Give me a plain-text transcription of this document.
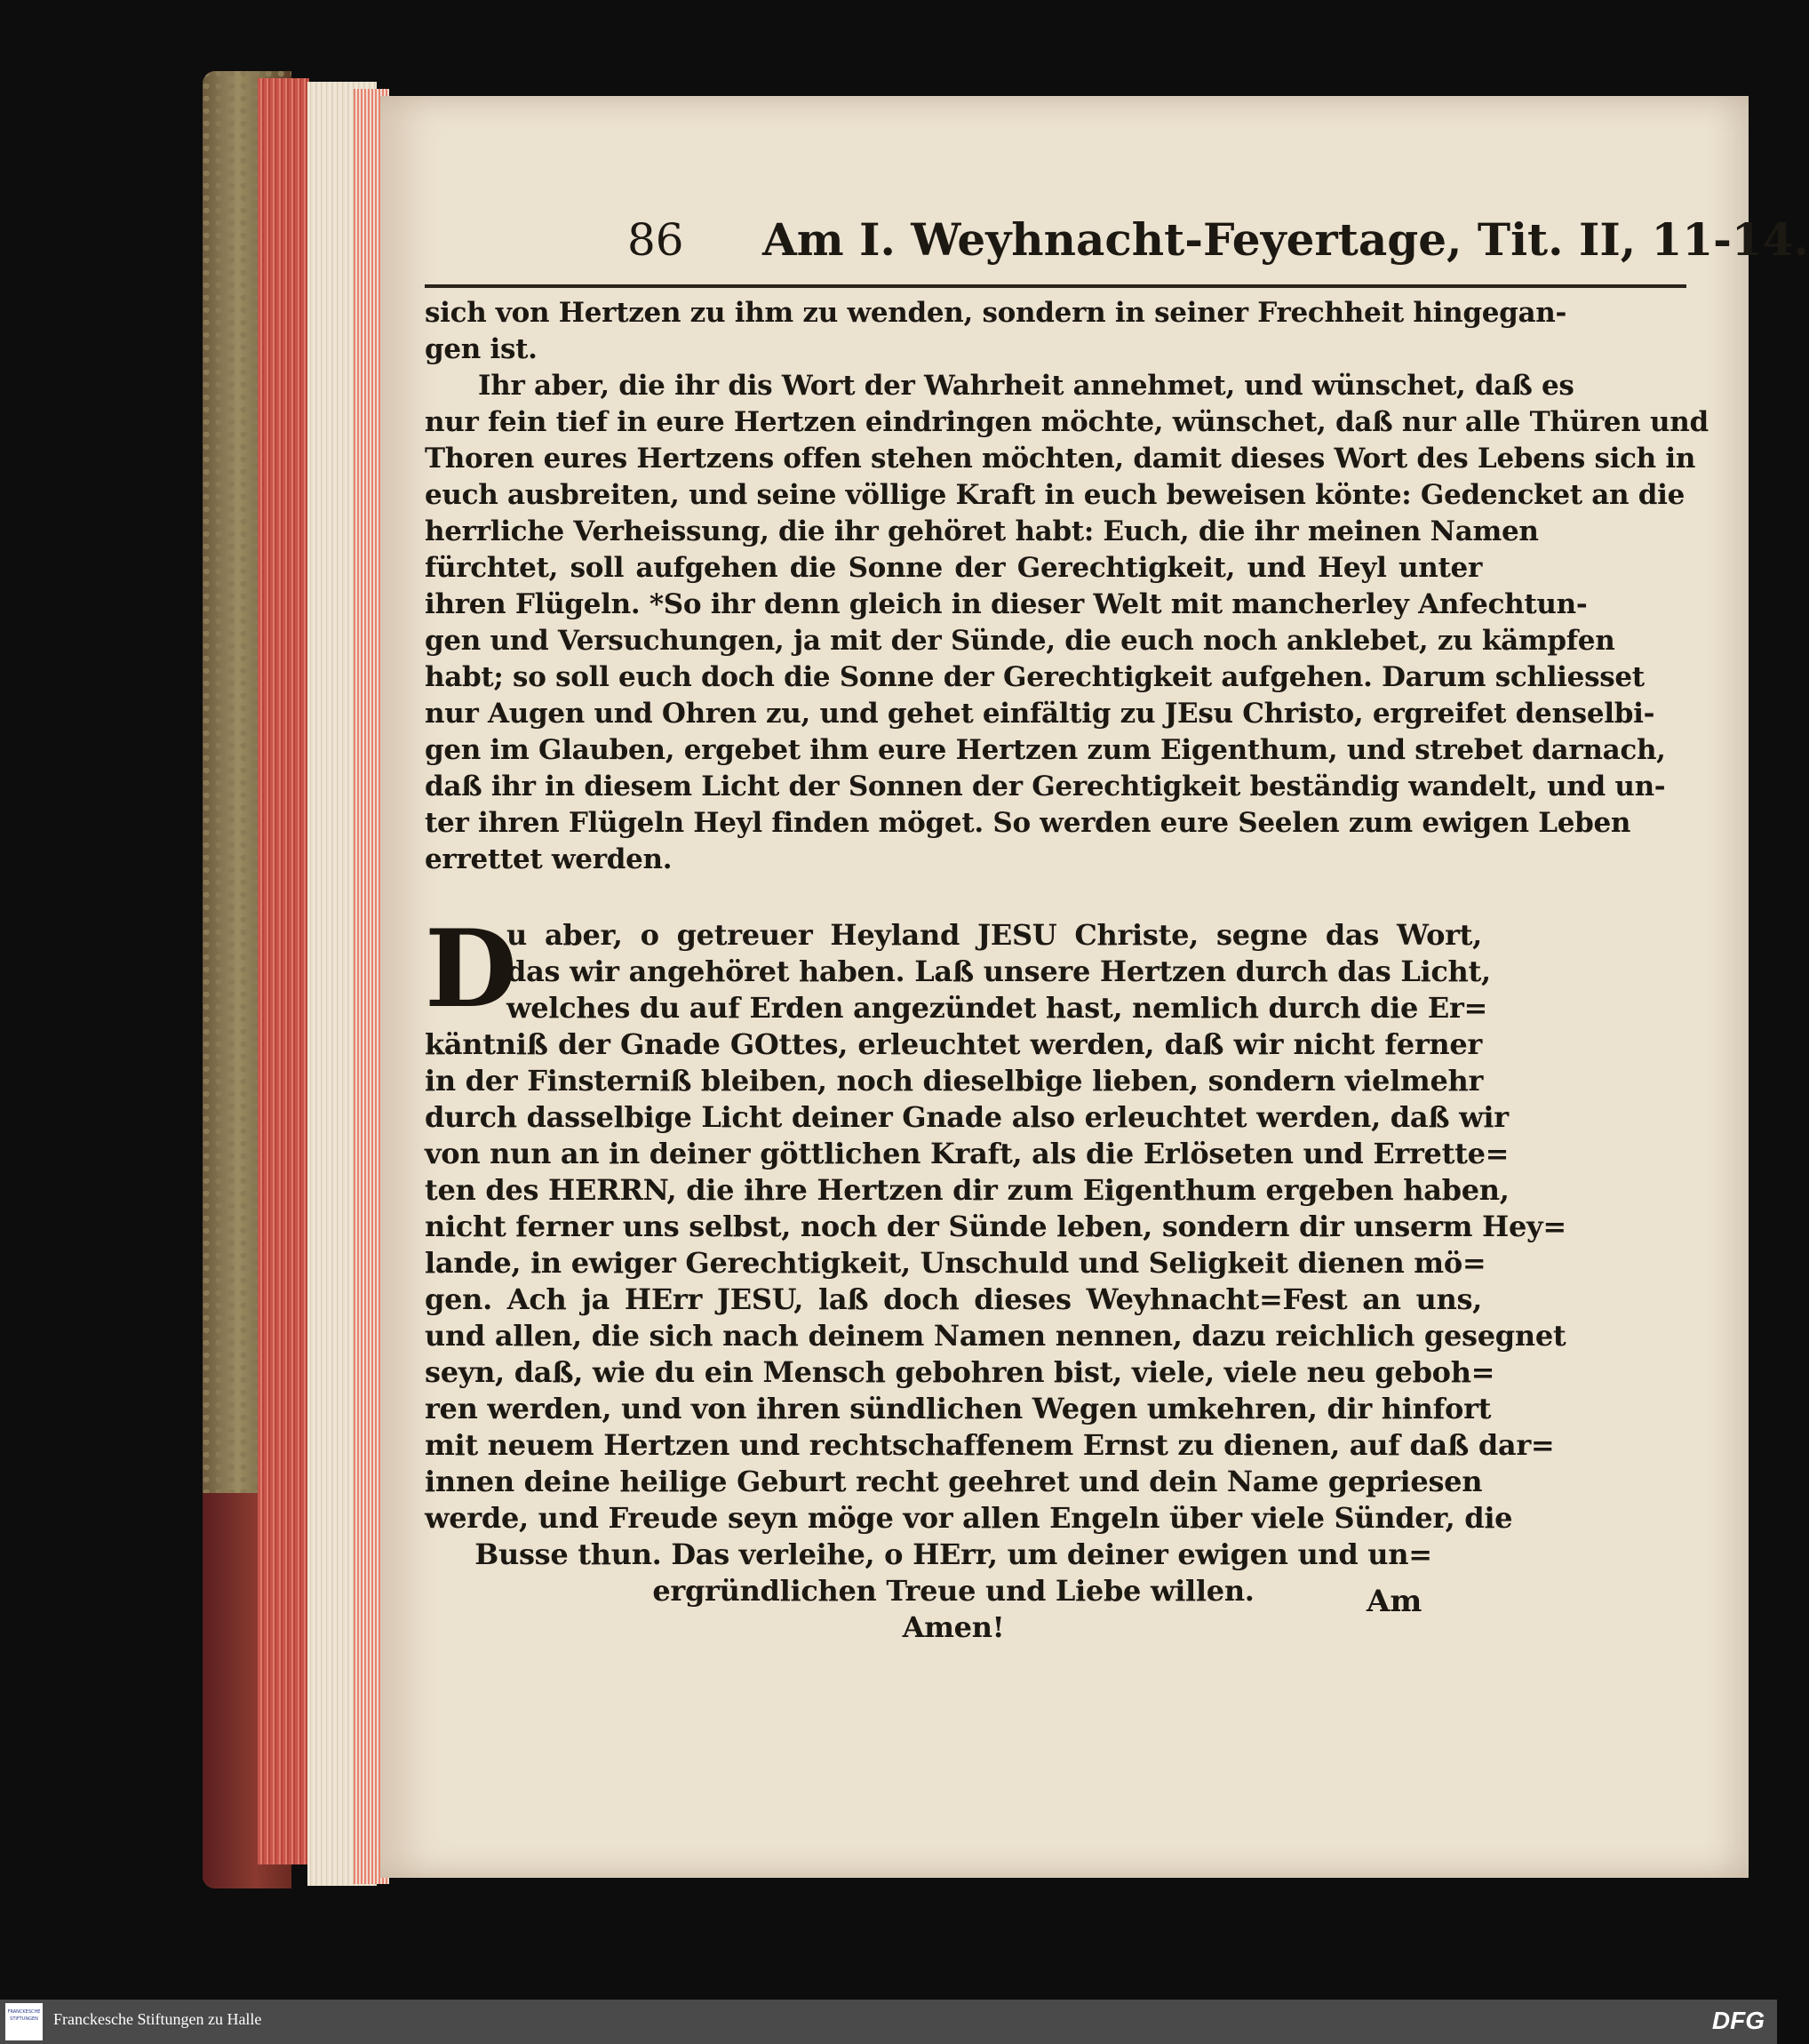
86 Am I. Weyhnacht-Feyertage, Tit. II, 11-14.
sich von Hertzen zu ihm zu wenden, sondern in seiner Frechheit hingegan-
gen ist.
Ihr aber, die ihr dis Wort der Wahrheit annehmet, und wünschet, daß es
nur fein tief in eure Hertzen eindringen möchte, wünschet, daß nur alle Thüren und
Thoren eures Hertzens offen stehen möchten, damit dieses Wort des Lebens sich in
euch ausbreiten, und seine völlige Kraft in euch beweisen könte: Gedencket an die
herrliche Verheissung, die ihr gehöret habt: Euch, die ihr meinen Namen
fürchtet, soll aufgehen die Sonne der Gerechtigkeit, und Heyl unter
ihren Flügeln. *So ihr denn gleich in dieser Welt mit mancherley Anfechtun-
gen und Versuchungen, ja mit der Sünde, die euch noch anklebet, zu kämpfen
habt; so soll euch doch die Sonne der Gerechtigkeit aufgehen. Darum schliesset
nur Augen und Ohren zu, und gehet einfältig zu JEsu Christo, ergreifet denselbi-
gen im Glauben, ergebet ihm eure Hertzen zum Eigenthum, und strebet darnach,
daß ihr in diesem Licht der Sonnen der Gerechtigkeit beständig wandelt, und un-
ter ihren Flügeln Heyl finden möget. So werden eure Seelen zum ewigen Leben
errettet werden.
D
u aber, o getreuer Heyland JESU Christe, segne das Wort,
das wir angehöret haben. Laß unsere Hertzen durch das Licht,
welches du auf Erden angezündet hast, nemlich durch die Er=
käntniß der Gnade GOttes, erleuchtet werden, daß wir nicht ferner
in der Finsterniß bleiben, noch dieselbige lieben, sondern vielmehr
durch dasselbige Licht deiner Gnade also erleuchtet werden, daß wir
von nun an in deiner göttlichen Kraft, als die Erlöseten und Errette=
ten des HERRN, die ihre Hertzen dir zum Eigenthum ergeben haben,
nicht ferner uns selbst, noch der Sünde leben, sondern dir unserm Hey=
lande, in ewiger Gerechtigkeit, Unschuld und Seligkeit dienen mö=
gen. Ach ja HErr JESU, laß doch dieses Weyhnacht=Fest an uns,
und allen, die sich nach deinem Namen nennen, dazu reichlich gesegnet
seyn, daß, wie du ein Mensch gebohren bist, viele, viele neu geboh=
ren werden, und von ihren sündlichen Wegen umkehren, dir hinfort
mit neuem Hertzen und rechtschaffenem Ernst zu dienen, auf daß dar=
innen deine heilige Geburt recht geehret und dein Name gepriesen
werde, und Freude seyn möge vor allen Engeln über viele Sünder, die
Busse thun. Das verleihe, o HErr, um deiner ewigen und un=
ergründlichen Treue und Liebe willen.
Amen!
Am
FRANCKESCHE STIFTUNGEN Franckesche Stiftungen zu Halle	DFG
